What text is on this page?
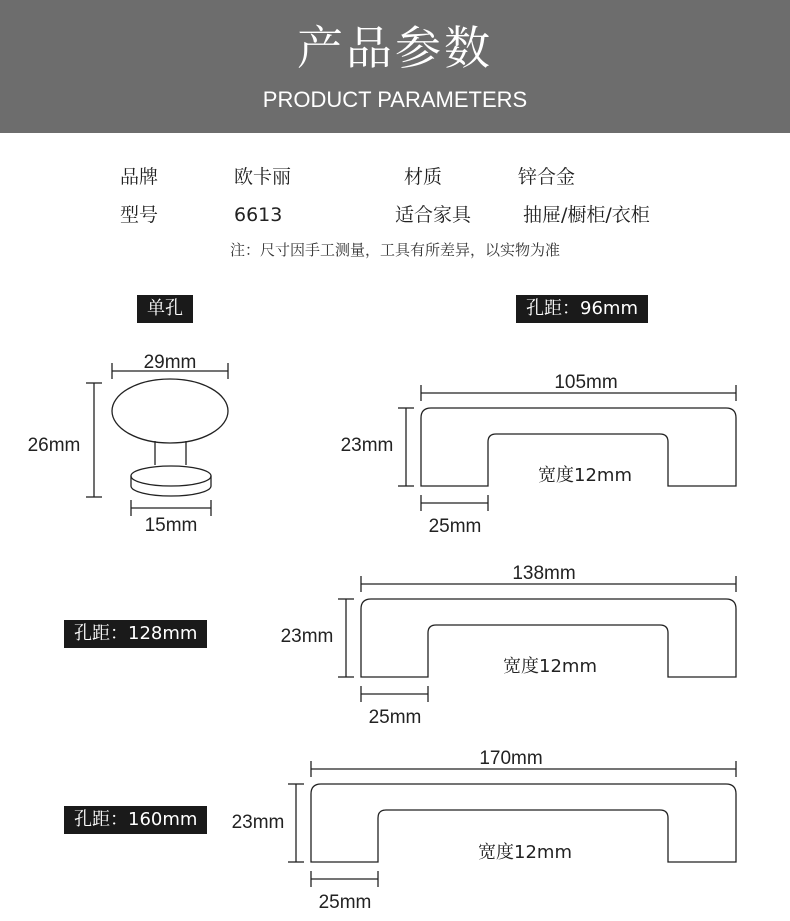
产品参数
PRODUCT PARAMETERS
品牌	欧卡丽	材质	锌合金
型号	6613	适合家具	抽屉/橱柜/衣柜
注：尺寸因手工测量，工具有所差异，以实物为准
单孔	孔距：96mm
孔距：128mm
孔距：160mm
29mm
26mm
15mm
105mm
23mm
宽度12mm
25mm
138mm
23mm
宽度12mm
25mm
170mm
23mm
宽度12mm
25mm
